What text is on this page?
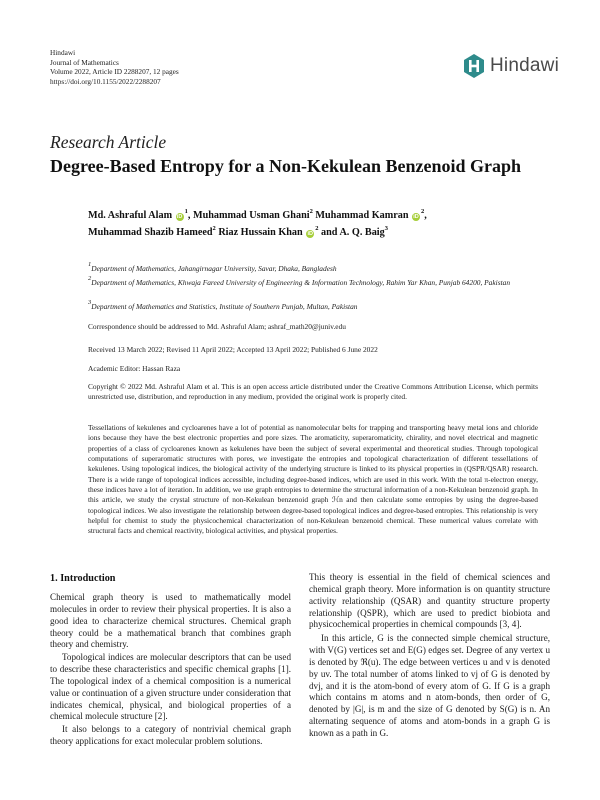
Hindawi
Journal of Mathematics
Volume 2022, Article ID 2288207, 12 pages
https://doi.org/10.1155/2022/2288207
Hindawi
Research Article
Degree-Based Entropy for a Non-Kekulean Benzenoid Graph
Md. Ashraful Alam $iD^1$, Muhammad Usman Ghani$^2$ Muhammad Kamran $iD^2$,
Muhammad Shazib Hameed$^2$ Riaz Hussain Khan $iD^2$ and A. Q. Baig$^3$
$^1$Department of Mathematics, Jahangirnagar University, Savar, Dhaka, Bangladesh
$^2$Department of Mathematics, Khwaja Fareed University of Engineering & Information Technology, Rahim Yar Khan, Punjab 64200, Pakistan
$^3$Department of Mathematics and Statistics, Institute of Southern Punjab, Multan, Pakistan
Correspondence should be addressed to Md. Ashraful Alam; ashraf_math20@juniv.edu
Received 13 March 2022; Revised 11 April 2022; Accepted 13 April 2022; Published 6 June 2022
Academic Editor: Hassan Raza
Copyright © 2022 Md. Ashraful Alam et al. This is an open access article distributed under the Creative Commons Attribution License, which permits unrestricted use, distribution, and reproduction in any medium, provided the original work is properly cited.
Tessellations of kekulenes and cycloarenes have a lot of potential as nanomolecular belts for trapping and transporting heavy metal ions and chloride ions because they have the best electronic properties and pore sizes. The aromaticity, superaromaticity, chirality, and novel electrical and magnetic properties of a class of cycloarenes known as kekulenes have been the subject of several experimental and theoretical studies. Through topological computations of superaromatic structures with pores, we investigate the entropies and topological characterization of different tessellations of kekulenes. Using topological indices, the biological activity of the underlying structure is linked to its physical properties in (QSPR/QSAR) research. There is a wide range of topological indices accessible, including degree-based indices, which are used in this work. With the total π-electron energy, these indices have a lot of iteration. In addition, we use graph entropies to determine the structural information of a non-Kekulean benzenoid graph. In this article, we study the crystal structure of non-Kekulean benzenoid graph ℋn and then calculate some entropies by using the degree-based topological indices. We also investigate the relationship between degree-based topological indices and degree-based entropies. This relationship is very helpful for chemist to study the physicochemical characterization of non-Kekulean benzenoid chemical. These numerical values correlate with structural facts and chemical reactivity, biological activities, and physical properties.
1. Introduction

Chemical graph theory is used to mathematically model molecules in order to review their physical properties. It is also a good idea to characterize chemical structures. Chemical graph theory could be a mathematical branch that combines graph theory and chemistry.

Topological indices are molecular descriptors that can be used to describe these characteristics and specific chemical graphs [1]. The topological index of a chemical composition is a numerical value or continuation of a given structure under consideration that indicates chemical, physical, and biological properties of a chemical molecule structure [2].

It also belongs to a category of nontrivial chemical graph theory applications for exact molecular problem solutions.

This theory is essential in the field of chemical sciences and chemical graph theory. More information is on quantity structure activity relationship (QSAR) and quantity structure property relationship (QSPR), which are used to predict biobiota and physicochemical properties in chemical compounds [3, 4].

In this article, G is the connected simple chemical structure, with V(G) vertices set and E(G) edges set. Degree of any vertex u is denoted by ℜ(u). The edge between vertices u and v is denoted by uv. The total number of atoms linked to vj of G is denoted by dvj, and it is the atom-bond of every atom of G. If G is a graph which contains m atoms and n atom-bonds, then order of G, denoted by |G|, is m and the size of G denoted by S(G) is n. An alternating sequence of atoms and atom-bonds in a graph G is known as a path in G.
